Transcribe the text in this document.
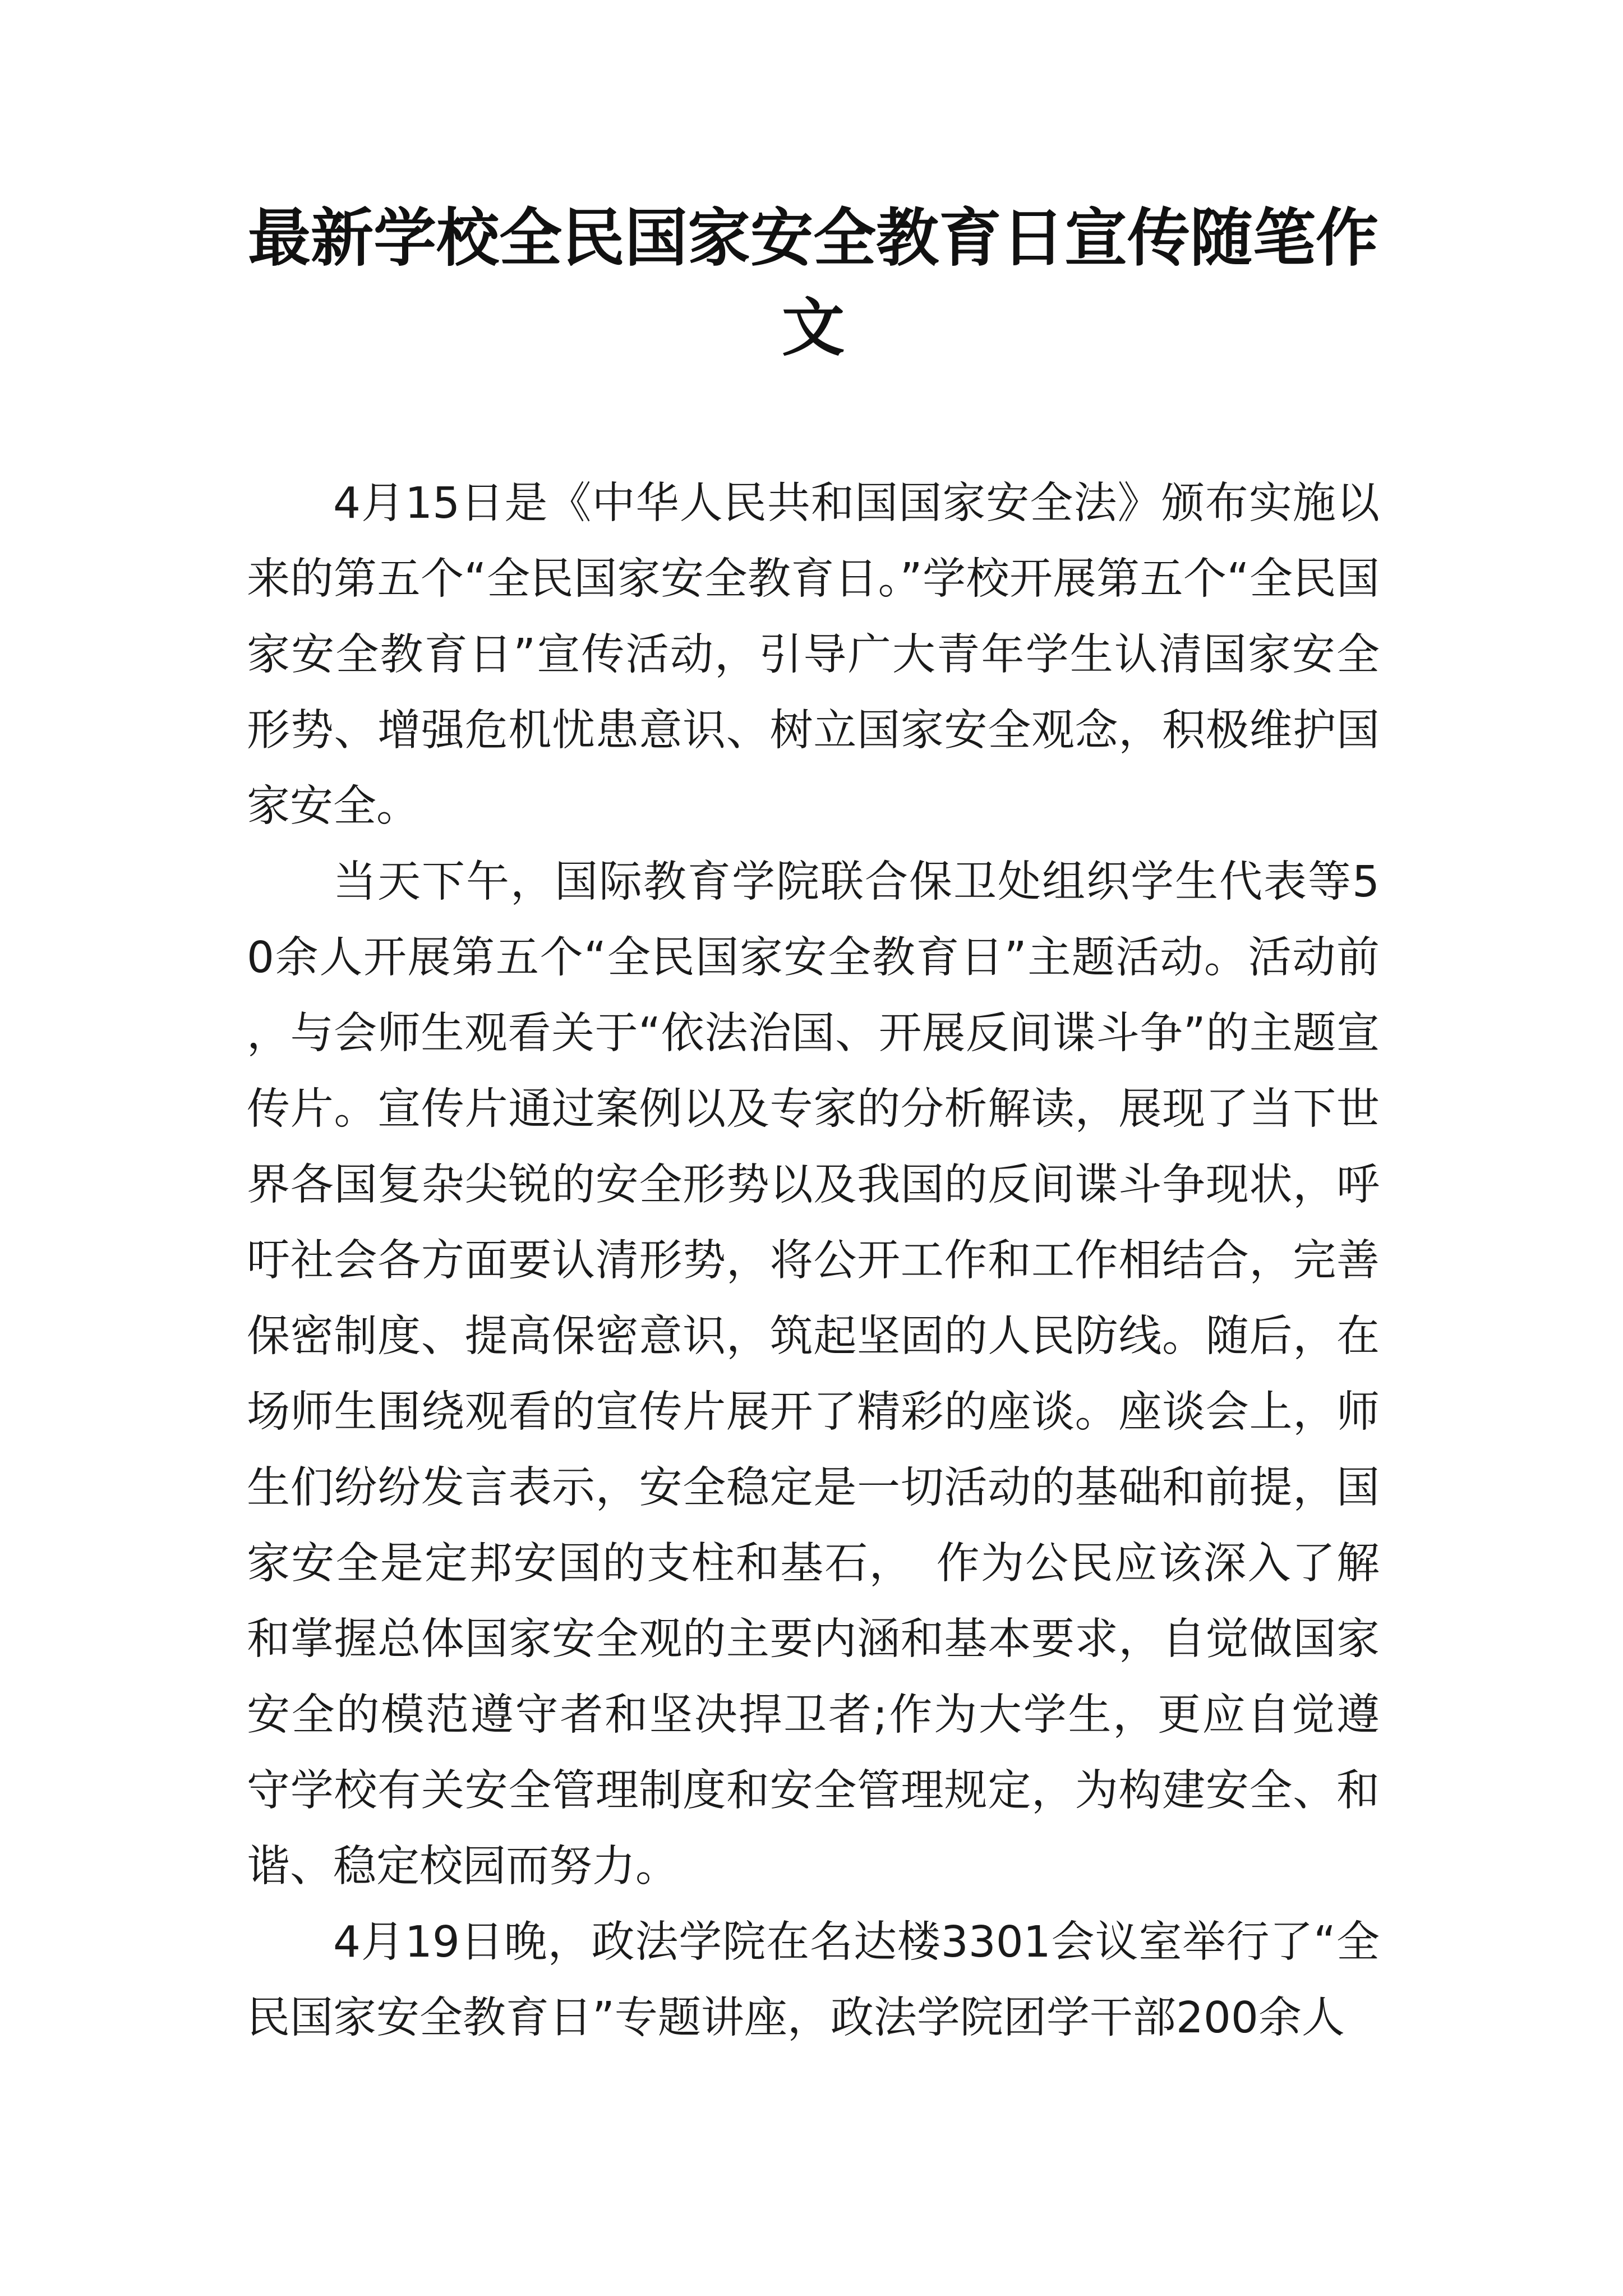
最新学校全民国家安全教育日宣传随笔作文

4月15日是《中华人民共和国国家安全法》颁布实施以来的第五个“全民国家安全教育日。”学校开展第五个“全民国家安全教育日”宣传活动，引导广大青年学生认清国家安全形势、增强危机忧患意识、树立国家安全观念，积极维护国家安全。

当天下午，国际教育学院联合保卫处组织学生代表等50余人开展第五个“全民国家安全教育日”主题活动。活动前，与会师生观看关于“依法治国、开展反间谍斗争”的主题宣传片。宣传片通过案例以及专家的分析解读，展现了当下世界各国复杂尖锐的安全形势以及我国的反间谍斗争现状，呼吁社会各方面要认清形势，将公开工作和工作相结合，完善保密制度、提高保密意识，筑起坚固的人民防线。随后，在场师生围绕观看的宣传片展开了精彩的座谈。座谈会上，师生们纷纷发言表示，安全稳定是一切活动的基础和前提，国家安全是定邦安国的支柱和基石，　作为公民应该深入了解和掌握总体国家安全观的主要内涵和基本要求，自觉做国家安全的模范遵守者和坚决捍卫者;作为大学生，更应自觉遵守学校有关安全管理制度和安全管理规定，为构建安全、和谐、稳定校园而努力。

4月19日晚，政法学院在名达楼3301会议室举行了“全民国家安全教育日”专题讲座，政法学院团学干部200余人
